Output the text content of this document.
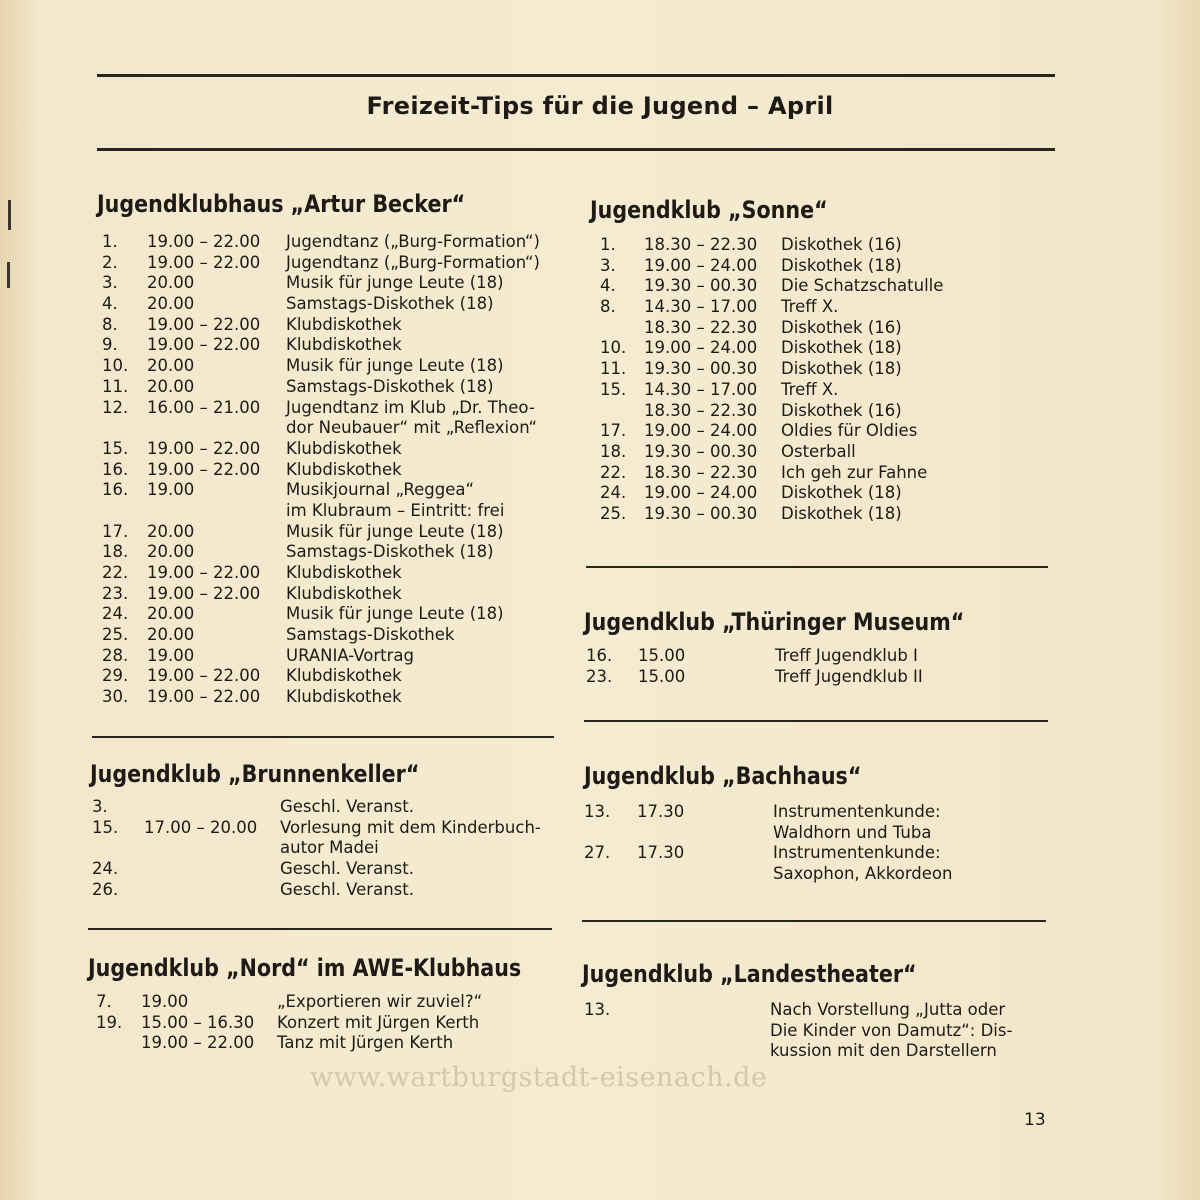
Freizeit-Tips für die Jugend – April
Jugendklubhaus „Artur Becker“
1. 19.00 – 22.00 Jugendtanz („Burg-Formation“)
2. 19.00 – 22.00 Jugendtanz („Burg-Formation“)
3. 20.00	Musik für junge Leute (18)
4. 20.00	Samstags-Diskothek (18)
8. 19.00 – 22.00 Klubdiskothek
9. 19.00 – 22.00 Klubdiskothek
10. 20.00	Musik für junge Leute (18)
11. 20.00	Samstags-Diskothek (18)
12. 16.00 – 21.00 Jugendtanz im Klub „Dr. Theo-
dor Neubauer“ mit „Reflexion“
15. 19.00 – 22.00 Klubdiskothek
16. 19.00 – 22.00 Klubdiskothek
16. 19.00	Musikjournal „Reggea“
im Klubraum – Eintritt: frei
17. 20.00	Musik für junge Leute (18)
18. 20.00	Samstags-Diskothek (18)
22. 19.00 – 22.00 Klubdiskothek
23. 19.00 – 22.00 Klubdiskothek
24. 20.00	Musik für junge Leute (18)
25. 20.00	Samstags-Diskothek
28. 19.00	URANIA-Vortrag
29. 19.00 – 22.00 Klubdiskothek
30. 19.00 – 22.00 Klubdiskothek
Jugendklub „Sonne“
1. 18.30 – 22.30 Diskothek (16)
3. 19.00 – 24.00 Diskothek (18)
4. 19.30 – 00.30 Die Schatzschatulle
8. 14.30 – 17.00 Treff X.
18.30 – 22.30 Diskothek (16)
10. 19.00 – 24.00 Diskothek (18)
11. 19.30 – 00.30 Diskothek (18)
15. 14.30 – 17.00 Treff X.
18.30 – 22.30 Diskothek (16)
17. 19.00 – 24.00 Oldies für Oldies
18. 19.30 – 00.30 Osterball
22. 18.30 – 22.30 Ich geh zur Fahne
24. 19.00 – 24.00 Diskothek (18)
25. 19.30 – 00.30 Diskothek (18)
Jugendklub „Thüringer Museum“
16. 15.00	Treff Jugendklub I
23. 15.00	Treff Jugendklub II
Jugendklub „Brunnenkeller“
3.	Geschl. Veranst.
15. 17.00 – 20.00 Vorlesung mit dem Kinderbuch-
autor Madei
24.	Geschl. Veranst.
26.	Geschl. Veranst.
Jugendklub „Bachhaus“
13. 17.30	Instrumentenkunde:
Waldhorn und Tuba
27. 17.30	Instrumentenkunde:
Saxophon, Akkordeon
Jugendklub „Nord“ im AWE-Klubhaus
7. 19.00	„Exportieren wir zuviel?“
19. 15.00 – 16.30 Konzert mit Jürgen Kerth
19.00 – 22.00 Tanz mit Jürgen Kerth
Jugendklub „Landestheater“
13.	Nach Vorstellung „Jutta oder
Die Kinder von Damutz“: Dis-
kussion mit den Darstellern
www.wartburgstadt-eisenach.de
13
